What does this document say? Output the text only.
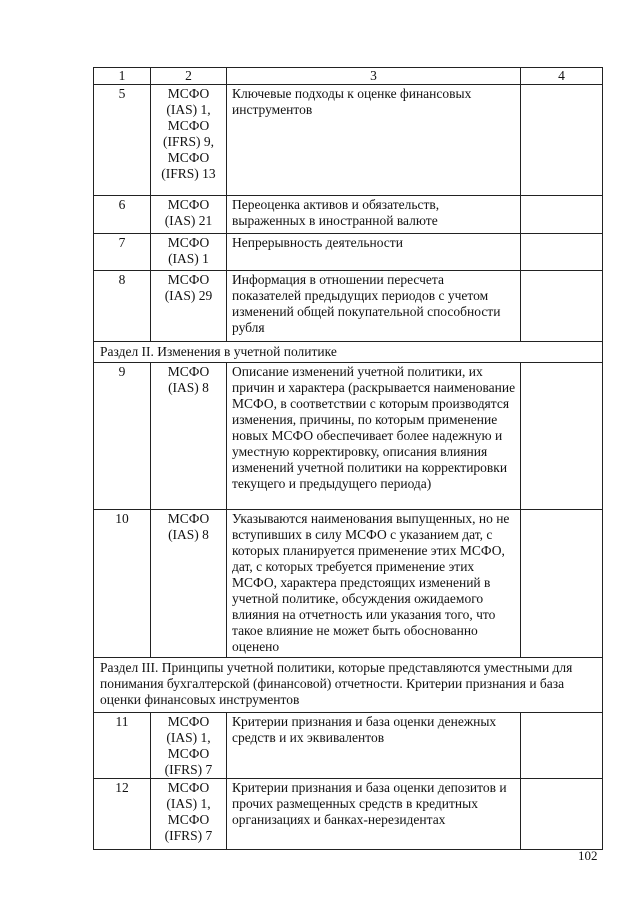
1	2	3	4
5	МСФО (IAS) 1, МСФО (IFRS) 9, МСФО (IFRS) 13	Ключевые подходы к оценке финансовых инструментов	
6	МСФО (IAS) 21	Переоценка активов и обязательств, выраженных в иностранной валюте	
7	МСФО (IAS) 1	Непрерывность деятельности	
8	МСФО (IAS) 29	Информация в отношении пересчета показателей предыдущих периодов с учетом изменений общей покупательной способности рубля	
Раздел II. Изменения в учетной политике			
9	МСФО (IAS) 8	Описание изменений учетной политики, их причин и характера (раскрывается наименование МСФО, в соответствии с которым производятся изменения, причины, по которым применение новых МСФО обеспечивает более надежную и уместную корректировку, описания влияния изменений учетной политики на корректировки текущего и предыдущего периода)	
10	МСФО (IAS) 8	Указываются наименования выпущенных, но не вступивших в силу МСФО с указанием дат, с которых планируется применение этих МСФО, дат, с которых требуется применение этих МСФО, характера предстоящих изменений в учетной политике, обсуждения ожидаемого влияния на отчетность или указания того, что такое влияние не может быть обоснованно оценено	
Раздел III. Принципы учетной политики, которые представляются уместными для понимания бухгалтерской (финансовой) отчетности. Критерии признания и база оценки финансовых инструментов			
11	МСФО (IAS) 1, МСФО (IFRS) 7	Критерии признания и база оценки денежных средств и их эквивалентов	
12	МСФО (IAS) 1, МСФО (IFRS) 7	Критерии признания и база оценки депозитов и прочих размещенных средств в кредитных организациях и банках-нерезидентах	
102
